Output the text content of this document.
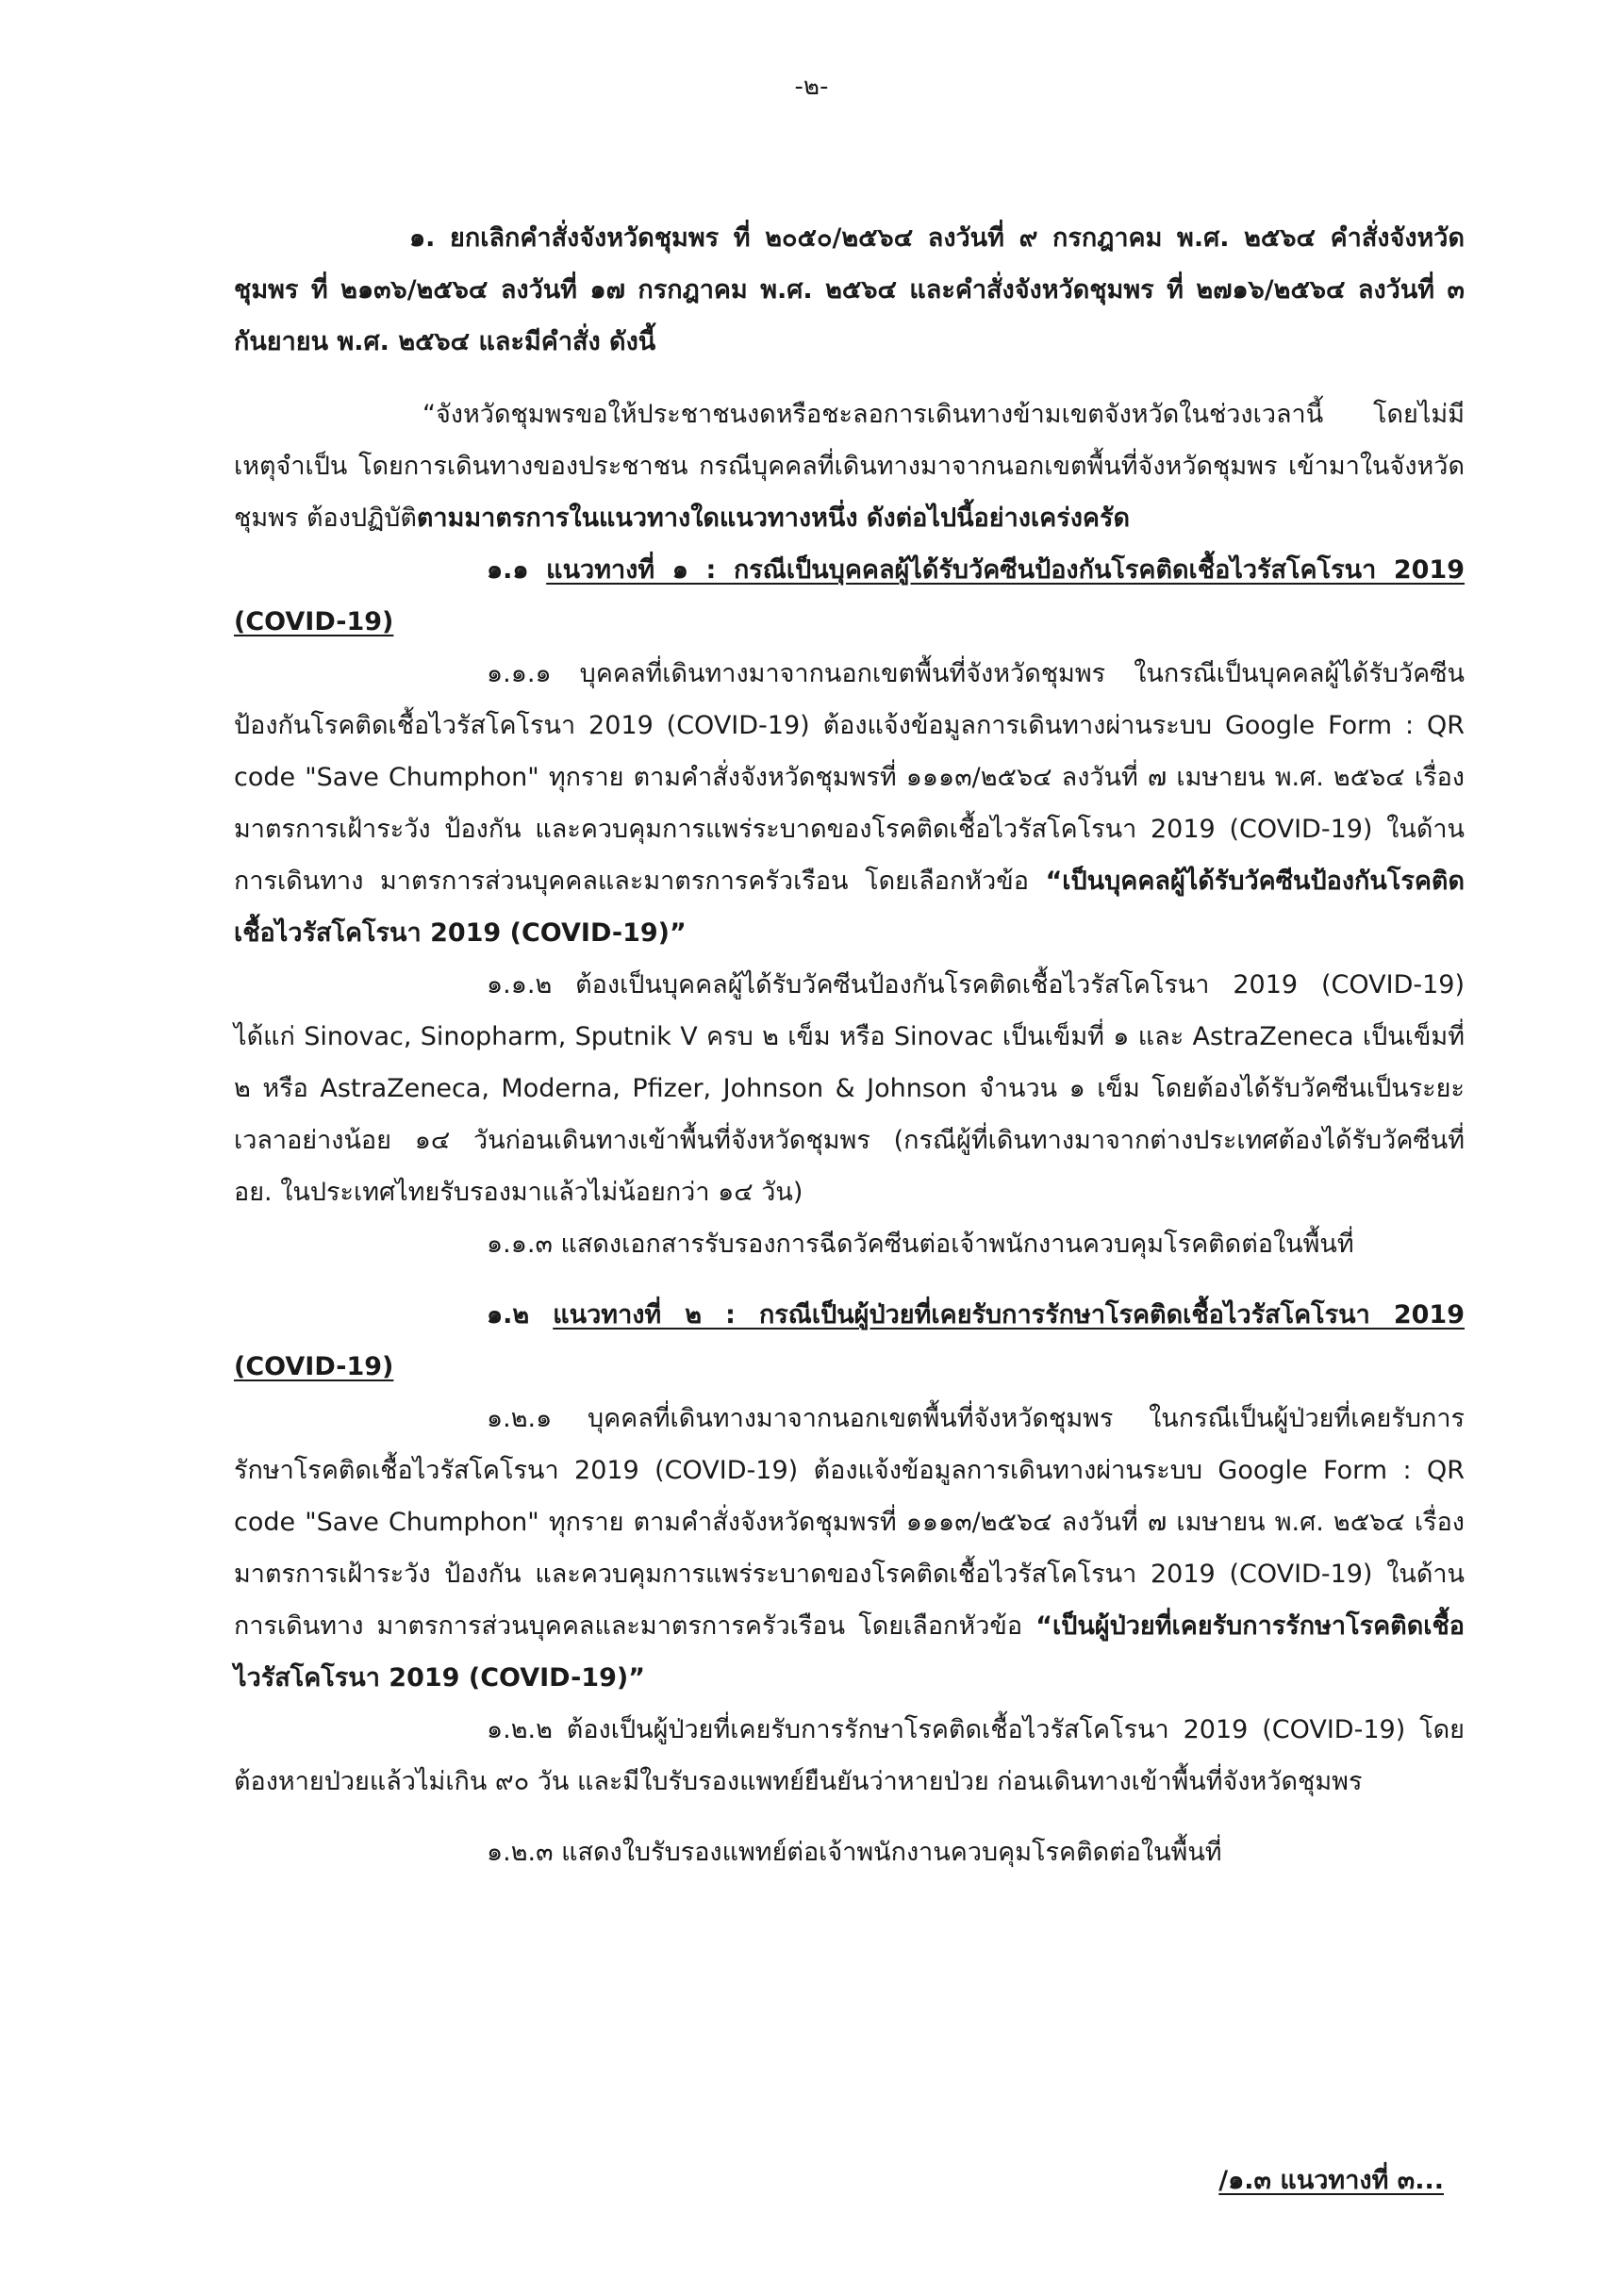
-๒-

๑. ยกเลิกคำสั่งจังหวัดชุมพร ที่ ๒๐๕๐/๒๕๖๔ ลงวันที่ ๙ กรกฎาคม พ.ศ. ๒๕๖๔ คำสั่งจังหวัดชุมพร ที่ ๒๑๓๖/๒๕๖๔ ลงวันที่ ๑๗ กรกฎาคม พ.ศ. ๒๕๖๔ และคำสั่งจังหวัดชุมพร ที่ ๒๗๑๖/๒๕๖๔ ลงวันที่ ๓ กันยายน พ.ศ. ๒๕๖๔ และมีคำสั่ง ดังนี้

“จังหวัดชุมพรขอให้ประชาชนงดหรือชะลอการเดินทางข้ามเขตจังหวัดในช่วงเวลานี้ โดยไม่มีเหตุจำเป็น โดยการเดินทางของประชาชน กรณีบุคคลที่เดินทางมาจากนอกเขตพื้นที่จังหวัดชุมพร เข้ามาในจังหวัดชุมพร ต้องปฏิบัติตามมาตรการในแนวทางใดแนวทางหนึ่ง ดังต่อไปนี้อย่างเคร่งครัด

๑.๑ แนวทางที่ ๑ : กรณีเป็นบุคคลผู้ได้รับวัคซีนป้องกันโรคติดเชื้อไวรัสโคโรนา 2019 (COVID-19)

๑.๑.๑ บุคคลที่เดินทางมาจากนอกเขตพื้นที่จังหวัดชุมพร ในกรณีเป็นบุคคลผู้ได้รับวัคซีนป้องกันโรคติดเชื้อไวรัสโคโรนา 2019 (COVID-19) ต้องแจ้งข้อมูลการเดินทางผ่านระบบ Google Form : QR code "Save Chumphon" ทุกราย ตามคำสั่งจังหวัดชุมพรที่ ๑๑๑๓/๒๕๖๔ ลงวันที่ ๗ เมษายน พ.ศ. ๒๕๖๔ เรื่อง มาตรการเฝ้าระวัง ป้องกัน และควบคุมการแพร่ระบาดของโรคติดเชื้อไวรัสโคโรนา 2019 (COVID-19) ในด้านการเดินทาง มาตรการส่วนบุคคลและมาตรการครัวเรือน โดยเลือกหัวข้อ “เป็นบุคคลผู้ได้รับวัคซีนป้องกันโรคติดเชื้อไวรัสโคโรนา 2019 (COVID-19)”

๑.๑.๒ ต้องเป็นบุคคลผู้ได้รับวัคซีนป้องกันโรคติดเชื้อไวรัสโคโรนา 2019 (COVID-19) ได้แก่ Sinovac, Sinopharm, Sputnik V ครบ ๒ เข็ม หรือ Sinovac เป็นเข็มที่ ๑ และ AstraZeneca เป็นเข็มที่ ๒ หรือ AstraZeneca, Moderna, Pfizer, Johnson & Johnson จำนวน ๑ เข็ม โดยต้องได้รับวัคซีนเป็นระยะเวลาอย่างน้อย ๑๔ วันก่อนเดินทางเข้าพื้นที่จังหวัดชุมพร (กรณีผู้ที่เดินทางมาจากต่างประเทศต้องได้รับวัคซีนที่ อย. ในประเทศไทยรับรองมาแล้วไม่น้อยกว่า ๑๔ วัน)

๑.๑.๓ แสดงเอกสารรับรองการฉีดวัคซีนต่อเจ้าพนักงานควบคุมโรคติดต่อในพื้นที่

๑.๒ แนวทางที่ ๒ : กรณีเป็นผู้ป่วยที่เคยรับการรักษาโรคติดเชื้อไวรัสโคโรนา 2019 (COVID-19)

๑.๒.๑ บุคคลที่เดินทางมาจากนอกเขตพื้นที่จังหวัดชุมพร ในกรณีเป็นผู้ป่วยที่เคยรับการรักษาโรคติดเชื้อไวรัสโคโรนา 2019 (COVID-19) ต้องแจ้งข้อมูลการเดินทางผ่านระบบ Google Form : QR code "Save Chumphon" ทุกราย ตามคำสั่งจังหวัดชุมพรที่ ๑๑๑๓/๒๕๖๔ ลงวันที่ ๗ เมษายน พ.ศ. ๒๕๖๔ เรื่อง มาตรการเฝ้าระวัง ป้องกัน และควบคุมการแพร่ระบาดของโรคติดเชื้อไวรัสโคโรนา 2019 (COVID-19) ในด้านการเดินทาง มาตรการส่วนบุคคลและมาตรการครัวเรือน โดยเลือกหัวข้อ “เป็นผู้ป่วยที่เคยรับการรักษาโรคติดเชื้อไวรัสโคโรนา 2019 (COVID-19)”

๑.๒.๒ ต้องเป็นผู้ป่วยที่เคยรับการรักษาโรคติดเชื้อไวรัสโคโรนา 2019 (COVID-19) โดยต้องหายป่วยแล้วไม่เกิน ๙๐ วัน และมีใบรับรองแพทย์ยืนยันว่าหายป่วย ก่อนเดินทางเข้าพื้นที่จังหวัดชุมพร

๑.๒.๓ แสดงใบรับรองแพทย์ต่อเจ้าพนักงานควบคุมโรคติดต่อในพื้นที่

/๑.๓ แนวทางที่ ๓...
